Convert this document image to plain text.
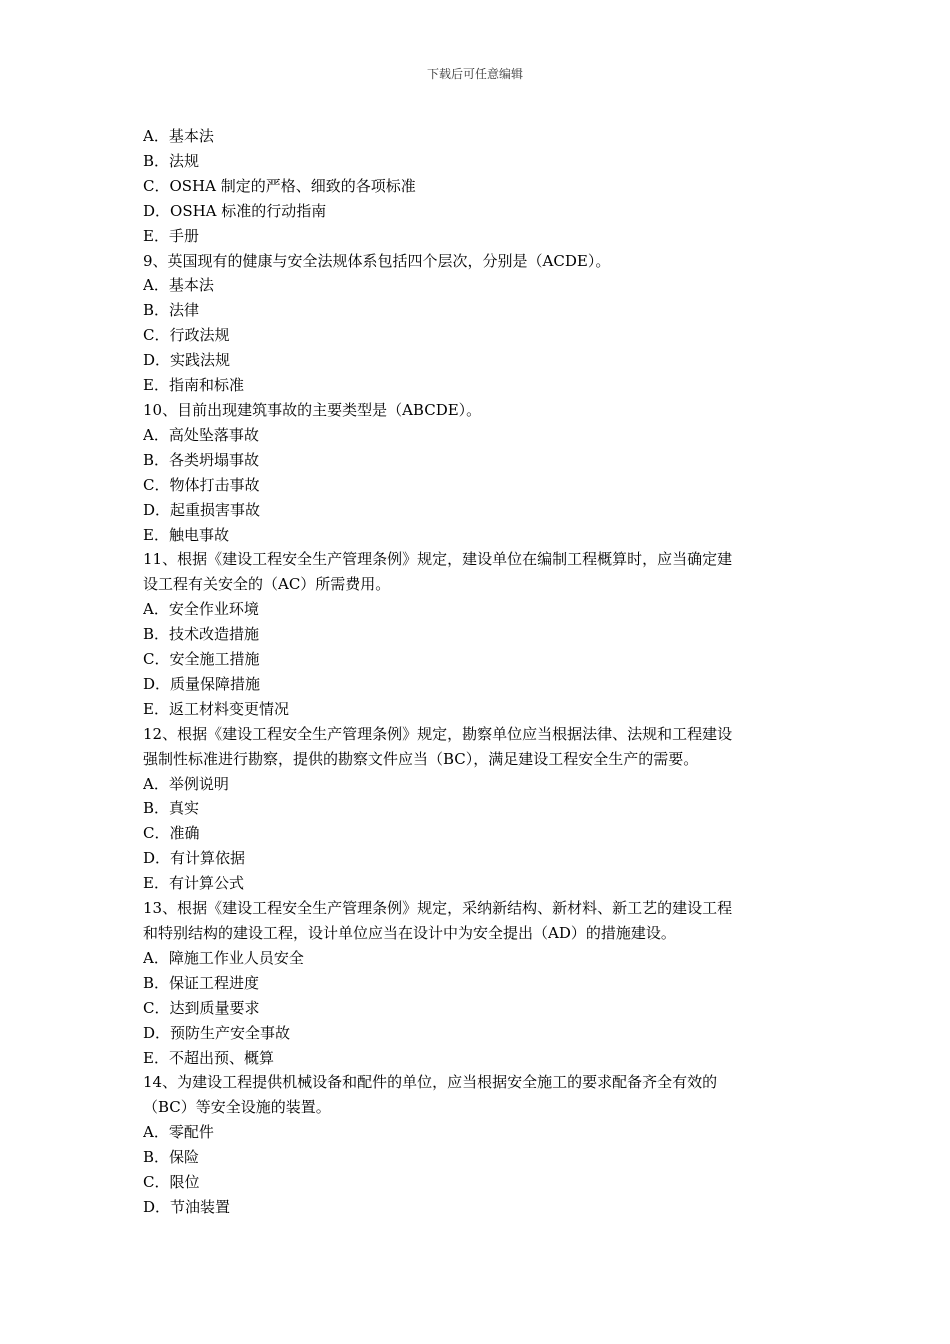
下载后可任意编辑
A．基本法
B．法规
C．OSHA 制定的严格、细致的各项标准
D．OSHA 标准的行动指南
E．手册
9、英国现有的健康与安全法规体系包括四个层次，分别是（ACDE）。
A．基本法
B．法律
C．行政法规
D．实践法规
E．指南和标准
10、目前出现建筑事故的主要类型是（ABCDE）。
A．高处坠落事故
B．各类坍塌事故
C．物体打击事故
D．起重损害事故
E．触电事故
11、根据《建设工程安全生产管理条例》规定，建设单位在编制工程概算时，应当确定建
设工程有关安全的（AC）所需费用。
A．安全作业环境
B．技术改造措施
C．安全施工措施
D．质量保障措施
E．返工材料变更情况
12、根据《建设工程安全生产管理条例》规定，勘察单位应当根据法律、法规和工程建设
强制性标准进行勘察，提供的勘察文件应当（BC），满足建设工程安全生产的需要。
A．举例说明
B．真实
C．准确
D．有计算依据
E．有计算公式
13、根据《建设工程安全生产管理条例》规定，采纳新结构、新材料、新工艺的建设工程
和特别结构的建设工程，设计单位应当在设计中为安全提出（AD）的措施建设。
A．障施工作业人员安全
B．保证工程进度
C．达到质量要求
D．预防生产安全事故
E．不超出预、概算
14、为建设工程提供机械设备和配件的单位，应当根据安全施工的要求配备齐全有效的
（BC）等安全设施的装置。
A．零配件
B．保险
C．限位
D．节油装置
